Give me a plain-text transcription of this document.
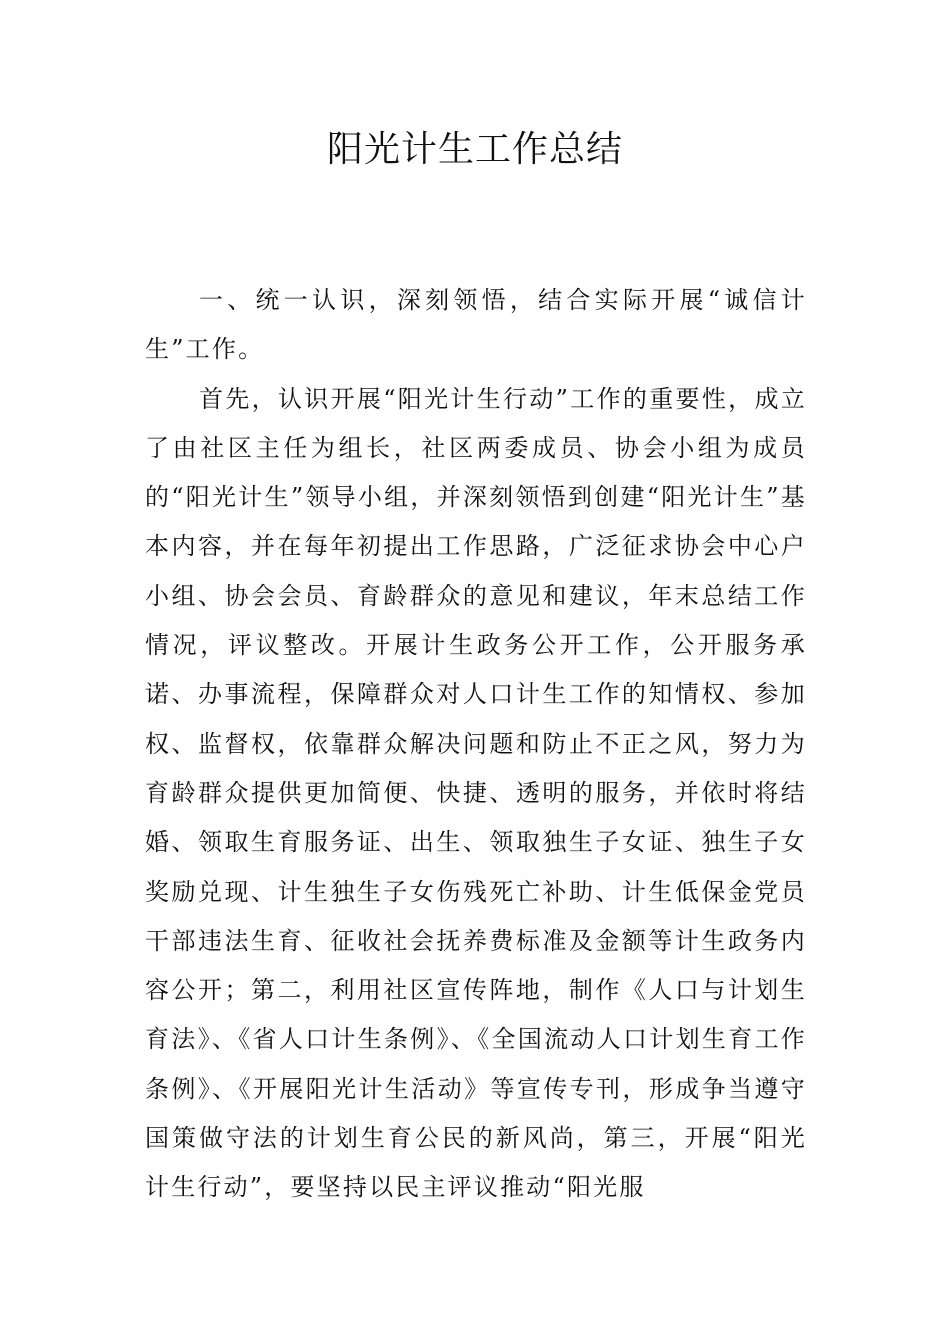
阳光计生工作总结

一、统一认识，深刻领悟，结合实际开展“诚信计生”工作。

首先，认识开展“阳光计生行动”工作的重要性，成立了由社区主任为组长，社区两委成员、协会小组为成员的“阳光计生”领导小组，并深刻领悟到创建“阳光计生”基本内容，并在每年初提出工作思路，广泛征求协会中心户小组、协会会员、育龄群众的意见和建议，年末总结工作情况，评议整改。开展计生政务公开工作，公开服务承诺、办事流程，保障群众对人口计生工作的知情权、参加权、监督权，依靠群众解决问题和防止不正之风，努力为育龄群众提供更加简便、快捷、透明的服务，并依时将结婚、领取生育服务证、出生、领取独生子女证、独生子女奖励兑现、计生独生子女伤残死亡补助、计生低保金党员干部违法生育、征收社会抚养费标准及金额等计生政务内容公开；第二，利用社区宣传阵地，制作《人口与计划生育法》、《省人口计生条例》、《全国流动人口计划生育工作条例》、《开展阳光计生活动》等宣传专刊，形成争当遵守国策做守法的计划生育公民的新风尚，第三，开展“阳光计生行动”，要坚持以民主评议推动“阳光服
